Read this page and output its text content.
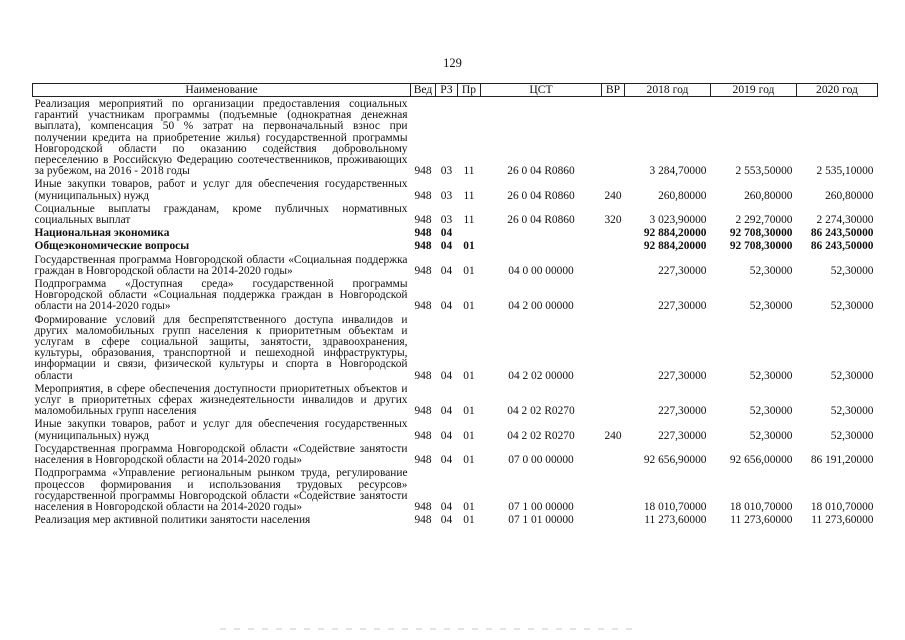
129
Наименование	Вед	РЗ	Пр	ЦСТ	ВР	2018 год	2019 год	2020 год
Реализация мероприятий по организации предоставления социальных гарантий участникам программы (подъемные (однократная денежная выплата), компенсация 50 % затрат на первоначальный взнос при получении кредита на приобретение жилья) государственной программы Новгородской области по оказанию содействия добровольному переселению в Российскую Федерацию соотечественников, проживающих за рубежом, на 2016 - 2018 годы	948	03	11	26 0 04 R0860		3 284,70000	2 553,50000	2 535,10000
Иные закупки товаров, работ и услуг для обеспечения государственных (муниципальных) нужд	948	03	11	26 0 04 R0860	240	260,80000	260,80000	260,80000
Социальные выплаты гражданам, кроме публичных нормативных социальных выплат	948	03	11	26 0 04 R0860	320	3 023,90000	2 292,70000	2 274,30000
Национальная экономика	948	04				92 884,20000	92 708,30000	86 243,50000
Общеэкономические вопросы	948	04	01			92 884,20000	92 708,30000	86 243,50000
Государственная программа Новгородской области «Социальная поддержка граждан в Новгородской области на 2014-2020 годы»	948	04	01	04 0 00 00000		227,30000	52,30000	52,30000
Подпрограмма «Доступная среда» государственной программы Новгородской области «Социальная поддержка граждан в Новгородской области на 2014-2020 годы»	948	04	01	04 2 00 00000		227,30000	52,30000	52,30000
Формирование условий для беспрепятственного доступа инвалидов и других маломобильных групп населения к приоритетным объектам и услугам в сфере социальной защиты, занятости, здравоохранения, культуры, образования, транспортной и пешеходной инфраструктуры, информации и связи, физической культуры и спорта в Новгородской области	948	04	01	04 2 02 00000		227,30000	52,30000	52,30000
Мероприятия, в сфере обеспечения доступности приоритетных объектов и услуг в приоритетных сферах жизнедеятельности инвалидов и других маломобильных групп населения	948	04	01	04 2 02 R0270		227,30000	52,30000	52,30000
Иные закупки товаров, работ и услуг для обеспечения государственных (муниципальных) нужд	948	04	01	04 2 02 R0270	240	227,30000	52,30000	52,30000
Государственная программа Новгородской области «Содействие занятости населения в Новгородской области на 2014-2020 годы»	948	04	01	07 0 00 00000		92 656,90000	92 656,00000	86 191,20000
Подпрограмма «Управление региональным рынком труда, регулирование процессов формирования и использования трудовых ресурсов» государственной программы Новгородской области «Содействие занятости населения в Новгородской области на 2014-2020 годы»	948	04	01	07 1 00 00000		18 010,70000	18 010,70000	18 010,70000
Реализация мер активной политики занятости населения	948	04	01	07 1 01 00000		11 273,60000	11 273,60000	11 273,60000
